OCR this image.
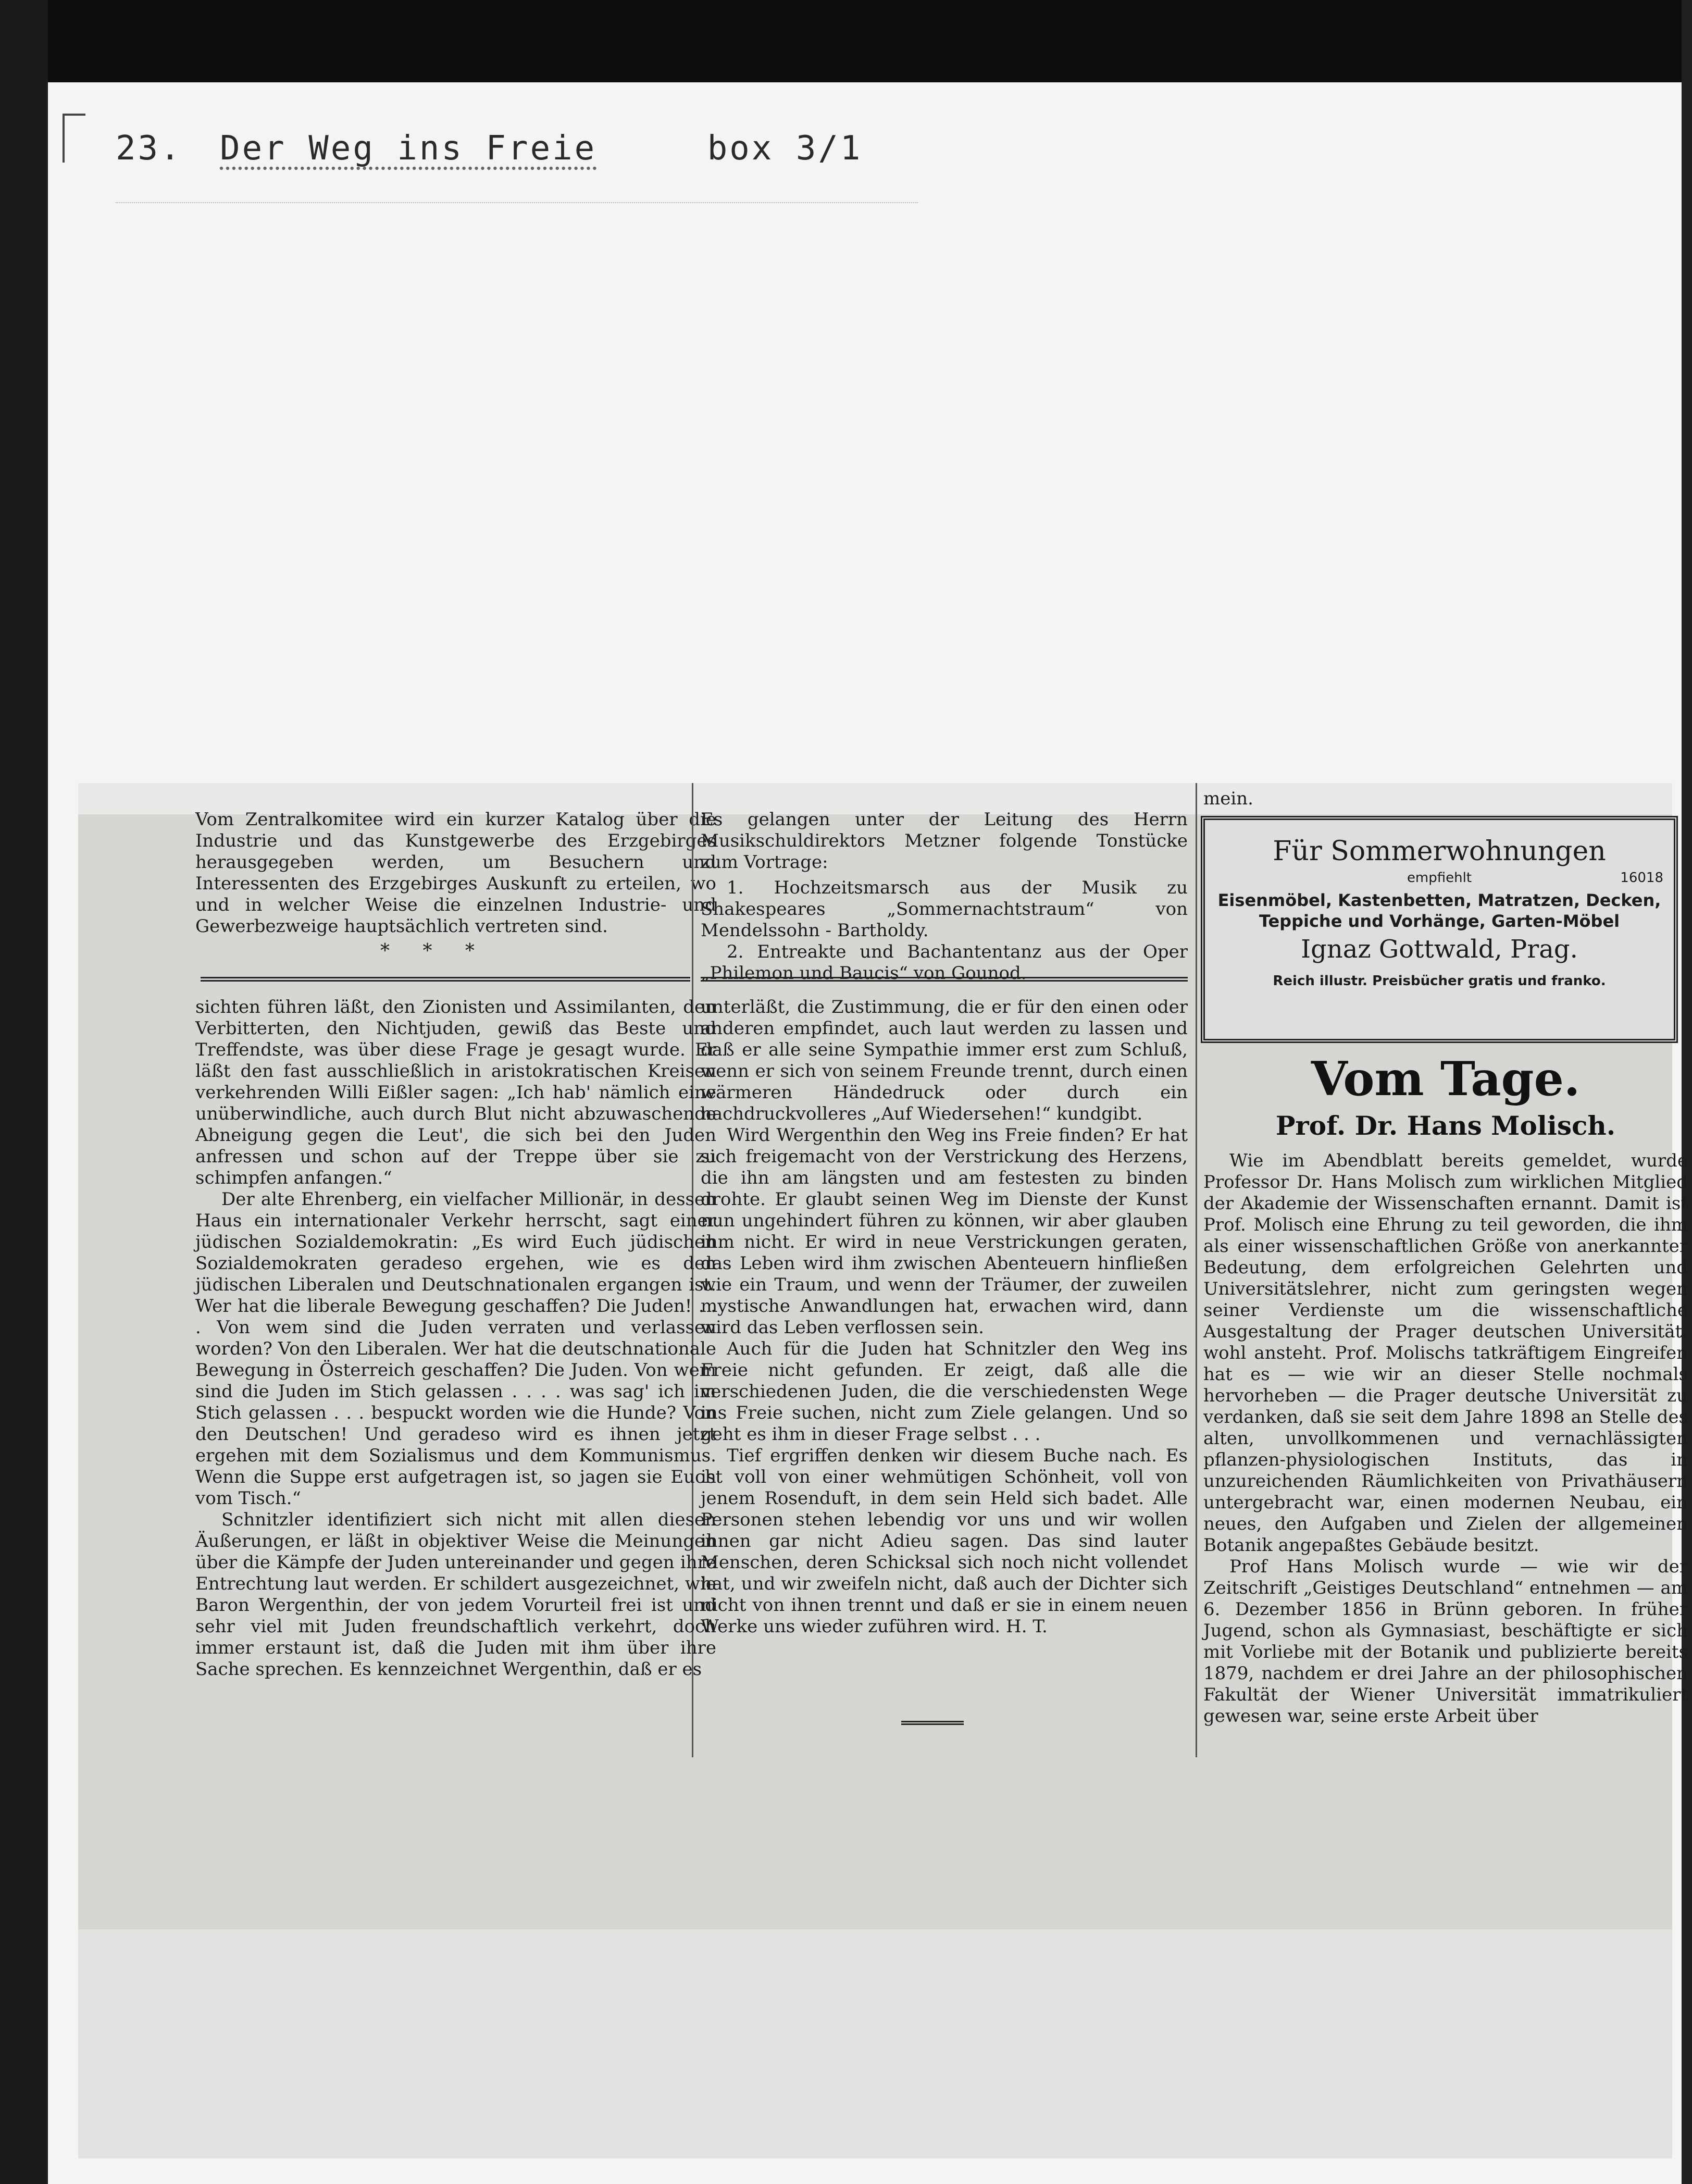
23. Der Weg ins Freie	box 3/1

Vom Zentralkomitee wird ein kurzer Katalog über die Industrie und das Kunstgewerbe des Erzgebirges herausgegeben werden, um Besuchern und Interessenten des Erzgebirges Auskunft zu erteilen, wo und in welcher Weise die einzelnen Industrie- und Gewerbezweige hauptsächlich vertreten sind.

* * *

Es gelangen unter der Leitung des Herrn Musikschuldirektors Metzner folgende Tonstücke zum Vortrage:

1. Hochzeitsmarsch aus der Musik zu Shakespeares „Sommernachtstraum“ von Mendelssohn - Bartholdy.

2. Entreakte und Bachantentanz aus der Oper „Philemon und Baucis“ von Gounod.

mein.
Für Sommerwohnungen
empfiehlt	16018
Eisenmöbel, Kastenbetten, Matratzen, Decken, Teppiche und Vorhänge, Garten-Möbel
Ignaz Gottwald, Prag.
Reich illustr. Preisbücher gratis und franko.

sichten führen läßt, den Zionisten und Assimilanten, den Verbitterten, den Nichtjuden, gewiß das Beste und Treffendste, was über diese Frage je gesagt wurde. Er läßt den fast ausschließlich in aristokratischen Kreisen verkehrenden Willi Eißler sagen: „Ich hab' nämlich eine unüberwindliche, auch durch Blut nicht abzuwaschende Abneigung gegen die Leut', die sich bei den Juden anfressen und schon auf der Treppe über sie zu schimpfen anfangen.“

Der alte Ehrenberg, ein vielfacher Millionär, in dessen Haus ein internationaler Verkehr herrscht, sagt einer jüdischen Sozialdemokratin: „Es wird Euch jüdischen Sozialdemokraten geradeso ergehen, wie es den jüdischen Liberalen und Deutschnationalen ergangen ist. Wer hat die liberale Bewegung geschaffen? Die Juden! . . . Von wem sind die Juden verraten und verlassen worden? Von den Liberalen. Wer hat die deutschnationale Bewegung in Österreich geschaffen? Die Juden. Von wem sind die Juden im Stich gelassen . . . . was sag' ich im Stich gelassen . . . bespuckt worden wie die Hunde? Von den Deutschen! Und geradeso wird es ihnen jetzt ergehen mit dem Sozialismus und dem Kommunismus. Wenn die Suppe erst aufgetragen ist, so jagen sie Euch vom Tisch.“

Schnitzler identifiziert sich nicht mit allen diesen Äußerungen, er läßt in objektiver Weise die Meinungen über die Kämpfe der Juden untereinander und gegen ihre Entrechtung laut werden. Er schildert ausgezeichnet, wie Baron Wergenthin, der von jedem Vorurteil frei ist und sehr viel mit Juden freundschaftlich verkehrt, doch immer erstaunt ist, daß die Juden mit ihm über ihre Sache sprechen. Es kennzeichnet Wergenthin, daß er es

unterläßt, die Zustimmung, die er für den einen oder anderen empfindet, auch laut werden zu lassen und daß er alle seine Sympathie immer erst zum Schluß, wenn er sich von seinem Freunde trennt, durch einen wärmeren Händedruck oder durch ein nachdruckvolleres „Auf Wiedersehen!“ kundgibt.

Wird Wergenthin den Weg ins Freie finden? Er hat sich freigemacht von der Verstrickung des Herzens, die ihn am längsten und am festesten zu binden drohte. Er glaubt seinen Weg im Dienste der Kunst nun ungehindert führen zu können, wir aber glauben ihm nicht. Er wird in neue Verstrickungen geraten, das Leben wird ihm zwischen Abenteuern hinfließen wie ein Traum, und wenn der Träumer, der zuweilen mystische Anwandlungen hat, erwachen wird, dann wird das Leben verflossen sein.

Auch für die Juden hat Schnitzler den Weg ins Freie nicht gefunden. Er zeigt, daß alle die verschiedenen Juden, die die verschiedensten Wege ins Freie suchen, nicht zum Ziele gelangen. Und so geht es ihm in dieser Frage selbst . . .

Tief ergriffen denken wir diesem Buche nach. Es ist voll von einer wehmütigen Schönheit, voll von jenem Rosenduft, in dem sein Held sich badet. Alle Personen stehen lebendig vor uns und wir wollen ihnen gar nicht Adieu sagen. Das sind lauter Menschen, deren Schicksal sich noch nicht vollendet hat, und wir zweifeln nicht, daß auch der Dichter sich nicht von ihnen trennt und daß er sie in einem neuen Werke uns wieder zuführen wird. H. T.

Vom Tage.
Prof. Dr. Hans Molisch.

Wie im Abendblatt bereits gemeldet, wurde Professor Dr. Hans Molisch zum wirklichen Mitglied der Akademie der Wissenschaften ernannt. Damit ist Prof. Molisch eine Ehrung zu teil geworden, die ihm als einer wissenschaftlichen Größe von anerkannter Bedeutung, dem erfolgreichen Gelehrten und Universitätslehrer, nicht zum geringsten wegen seiner Verdienste um die wissenschaftliche Ausgestaltung der Prager deutschen Universität, wohl ansteht. Prof. Molischs tatkräftigem Eingreifen hat es — wie wir an dieser Stelle nochmals hervorheben — die Prager deutsche Universität zu verdanken, daß sie seit dem Jahre 1898 an Stelle des alten, unvollkommenen und vernachlässigten pflanzen-physiologischen Instituts, das in unzureichenden Räumlichkeiten von Privathäusern untergebracht war, einen modernen Neubau, ein neues, den Aufgaben und Zielen der allgemeinen Botanik angepaßtes Gebäude besitzt.

Prof Hans Molisch wurde — wie wir der Zeitschrift „Geistiges Deutschland“ entnehmen — am 6. Dezember 1856 in Brünn geboren. In früher Jugend, schon als Gymnasiast, beschäftigte er sich mit Vorliebe mit der Botanik und publizierte bereits 1879, nachdem er drei Jahre an der philosophischen Fakultät der Wiener Universität immatrikuliert gewesen war, seine erste Arbeit über
